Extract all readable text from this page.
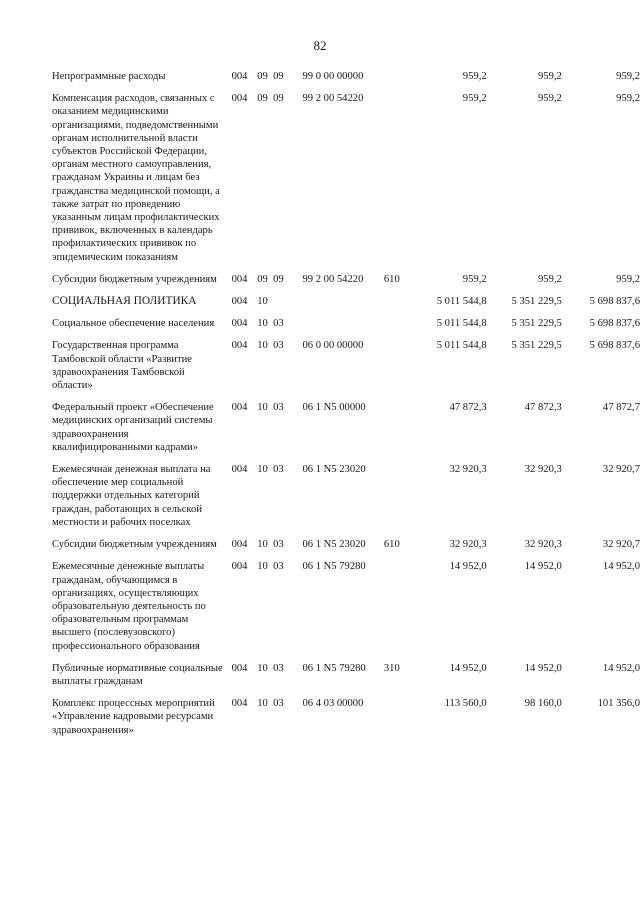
82
Непрограммные расходы	004	09	09	99 0 00 00000		959,2	959,2	959,2
Компенсация расходов, связанных с оказанием медицинскими организациями, подведомственными органам исполнительной власти субъектов Российской Федерации, органам местного самоуправления, гражданам Украины и лицам без гражданства медицинской помощи, а также затрат по проведению указанным лицам профилактических прививок, включенных в календарь профилактических прививок по эпидемическим показаниям	004	09	09	99 2 00 54220		959,2	959,2	959,2
Субсидии бюджетным учреждениям	004	09	09	99 2 00 54220	610	959,2	959,2	959,2
СОЦИАЛЬНАЯ ПОЛИТИКА	004	10				5 011 544,8	5 351 229,5	5 698 837,6
Социальное обеспечение населения	004	10	03			5 011 544,8	5 351 229,5	5 698 837,6
Государственная программа Тамбовской области «Развитие здравоохранения Тамбовской области»	004	10	03	06 0 00 00000		5 011 544,8	5 351 229,5	5 698 837,6
Федеральный проект «Обеспечение медицинских организаций системы здравоохранения квалифицированными кадрами»	004	10	03	06 1 N5 00000		47 872,3	47 872,3	47 872,7
Ежемесячная денежная выплата на обеспечение мер социальной поддержки отдельных категорий граждан, работающих в сельской местности и рабочих поселках	004	10	03	06 1 N5 23020		32 920,3	32 920,3	32 920,7
Субсидии бюджетным учреждениям	004	10	03	06 1 N5 23020	610	32 920,3	32 920,3	32 920,7
Ежемесячные денежные выплаты гражданам, обучающимся в организациях, осуществляющих образовательную деятельность по образовательным программам высшего (послевузовского) профессионального образования	004	10	03	06 1 N5 79280		14 952,0	14 952,0	14 952,0
Публичные нормативные социальные выплаты гражданам	004	10	03	06 1 N5 79280	310	14 952,0	14 952,0	14 952,0
Комплекс процессных мероприятий «Управление кадровыми ресурсами здравоохранения»	004	10	03	06 4 03 00000		113 560,0	98 160,0	101 356,0
